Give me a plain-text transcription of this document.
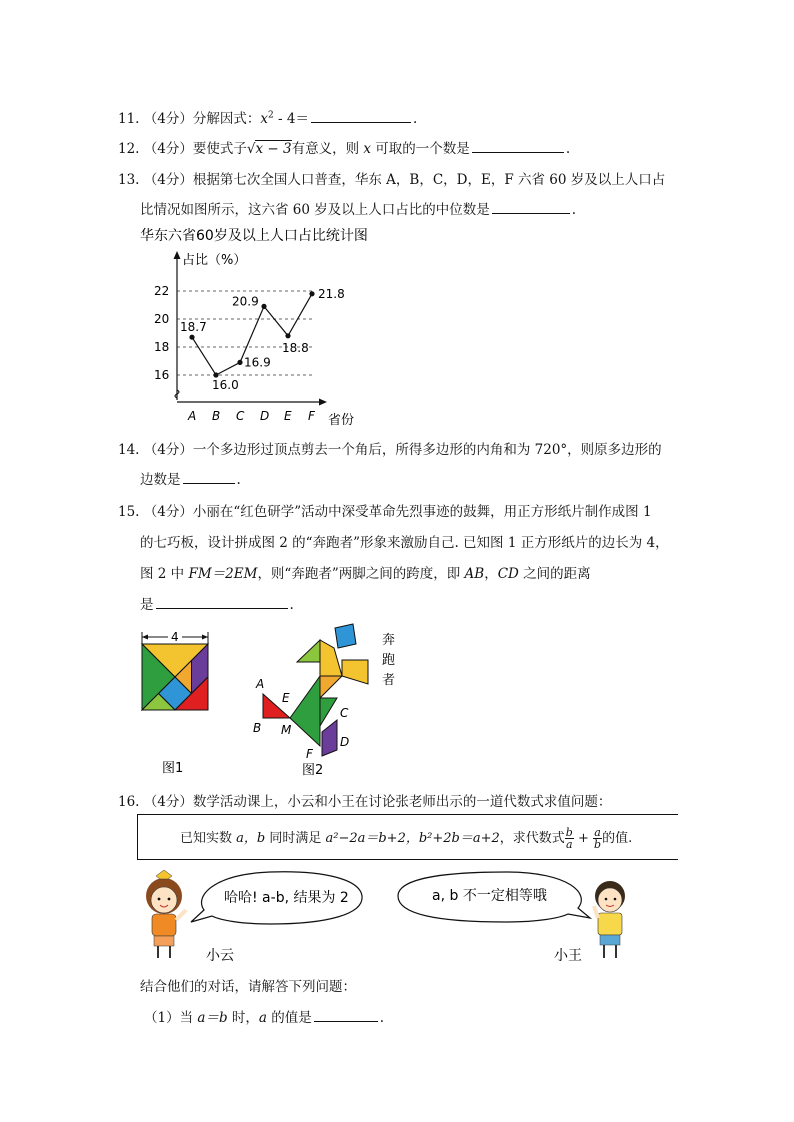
11. （4分）分解因式：$x^2 - 4=$	.
12. （4分）要使式子√x − 3有意义，则 x 可取的一个数是	.
13. （4分）根据第七次全国人口普查，华东 A，B，C，D，E，F 六省 60 岁及以上人口占
比情况如图所示，这六省 60 岁及以上人口占比的中位数是	.
华东六省60岁及以上人口占比统计图
占比（%）
省份
16
18
20
22
A B C D E F
18.7
16.0
16.9
20.9
18.8
21.8
14. （4分）一个多边形过顶点剪去一个角后，所得多边形的内角和为 720°，则原多边形的
边数是	.
15. （4分）小丽在“红色研学”活动中深受革命先烈事迹的鼓舞，用正方形纸片制作成图 1
的七巧板，设计拼成图 2 的“奔跑者”形象来激励自己. 已知图 1 正方形纸片的边长为 4，
图 2 中 FM＝2EM，则“奔跑者”两脚之间的跨度，即 AB，CD 之间的距离
是	.
4
图1
A
B
E
M
C
D
F
奔
跑
者
图2
16. （4分）数学活动课上，小云和小王在讨论张老师出示的一道代数式求值问题：
已知实数 a，b 同时满足 a²−2a＝b+2，b²+2b＝a+2，求代数式 $\frac{b}{a} + \frac{a}{b}$ 的值.
哈哈! a-b, 结果为 2	a, b 不一定相等哦
小云	小王
结合他们的对话，请解答下列问题：
（1）当 a＝b 时，a 的值是	.
